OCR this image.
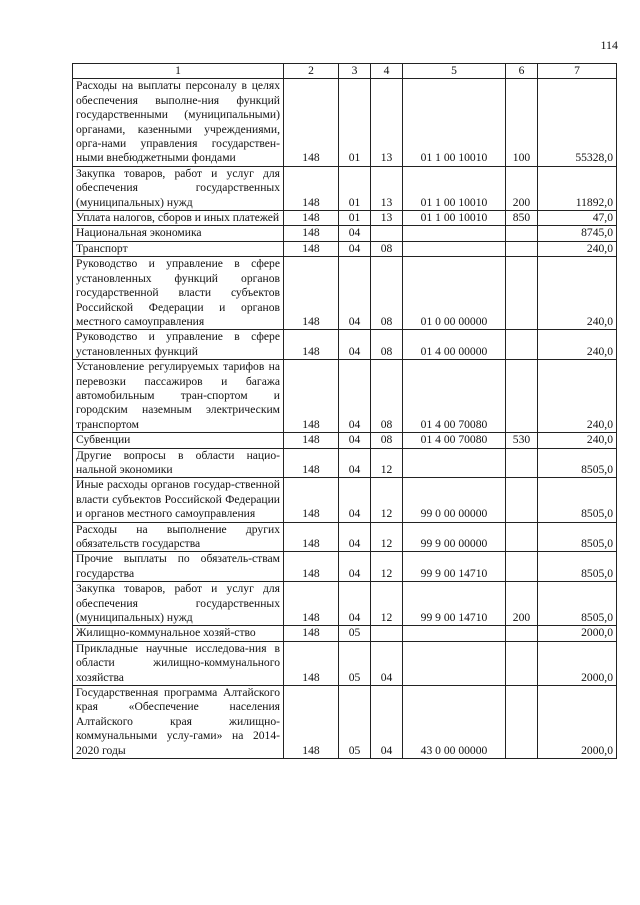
114
1	2	3	4	5	6	7
Расходы на выплаты персоналу в целях обеспечения выполне-ния функций государственными (муниципальными) органами, казенными учреждениями, орга-нами управления государствен-ными внебюджетными фондами	148	01	13	01 1 00 10010	100	55328,0
Закупка товаров, работ и услуг для обеспечения государственных (муниципальных) нужд	148	01	13	01 1 00 10010	200	11892,0
Уплата налогов, сборов и иных платежей	148	01	13	01 1 00 10010	850	47,0
Национальная экономика	148	04				8745,0
Транспорт	148	04	08			240,0
Руководство и управление в сфере установленных функций органов государственной власти субъектов Российской Федерации и органов местного самоуправления	148	04	08	01 0 00 00000		240,0
Руководство и управление в сфере установленных функций	148	04	08	01 4 00 00000		240,0
Установление регулируемых тарифов на перевозки пассажиров и багажа автомобильным тран-спортом и городским наземным электрическим транспортом	148	04	08	01 4 00 70080		240,0
Субвенции	148	04	08	01 4 00 70080	530	240,0
Другие вопросы в области нацио-нальной экономики	148	04	12			8505,0
Иные расходы органов государ-ственной власти субъектов Российской Федерации и органов местного самоуправления	148	04	12	99 0 00 00000		8505,0
Расходы на выполнение других обязательств государства	148	04	12	99 9 00 00000		8505,0
Прочие выплаты по обязатель-ствам государства	148	04	12	99 9 00 14710		8505,0
Закупка товаров, работ и услуг для обеспечения государственных (муниципальных) нужд	148	04	12	99 9 00 14710	200	8505,0
Жилищно-коммунальное хозяй-ство	148	05				2000,0
Прикладные научные исследова-ния в области жилищно-коммунального хозяйства	148	05	04			2000,0
Государственная программа Алтайского края «Обеспечение населения Алтайского края жилищно-коммунальными услу-гами» на 2014-2020 годы	148	05	04	43 0 00 00000		2000,0
